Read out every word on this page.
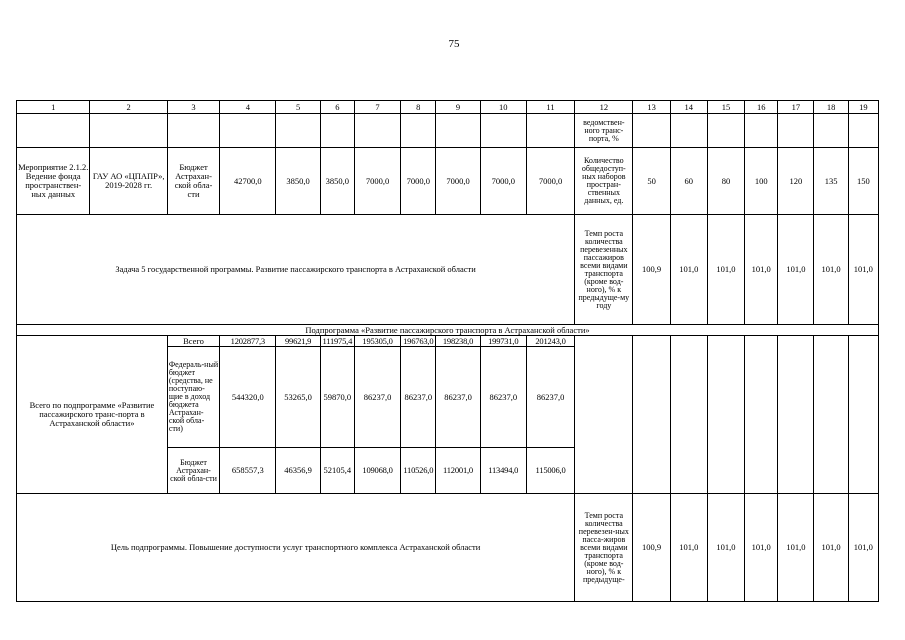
75
1	2	3	4	5	6	7	8	9	10	11	12	13	14	15	16	17	18	19
											ведомствен-ного транс-порта, %							
Мероприятие 2.1.2. Ведение фонда пространствен-ных данных	ГАУ АО «ЦПАПР», 2019-2028 гг.	Бюджет Астрахан-ской обла-сти	42700,0	3850,0	3850,0	7000,0	7000,0	7000,0	7000,0	7000,0	Количество общедоступ-ных наборов простран-ственных данных, ед.	50	60	80	100	120	135	150
Задача 5 государственной программы. Развитие пассажирского транспорта в Астраханской области											Темп роста количества перевезенных пассажиров всеми видами транспорта (кроме вод-ного), % к предыдуще-му году	100,9	101,0	101,0	101,0	101,0	101,0	101,0
Подпрограмма «Развитие пассажирского транспорта в Астраханской области»																		
Всего по подпрограмме «Развитие пассажирского транс-порта в Астраханской области»		Всего	1202877,3	99621,9	111975,4	195305,0	196763,0	198238,0	199731,0	201243,0								
		Федераль-ный бюджет (средства, не поступаю-щие в доход бюджета Астрахан-ской обла-сти)	544320,0	53265,0	59870,0	86237,0	86237,0	86237,0	86237,0	86237,0								
		Бюджет Астрахан-ской обла-сти	658557,3	46356,9	52105,4	109068,0	110526,0	112001,0	113494,0	115006,0								
Цель подпрограммы. Повышение доступности услуг транспортного комплекса Астраханской области											Темп роста количества перевезен-ных пасса-жиров всеми видами транспорта (кроме вод-ного), % к предыдуще-	100,9	101,0	101,0	101,0	101,0	101,0	101,0
